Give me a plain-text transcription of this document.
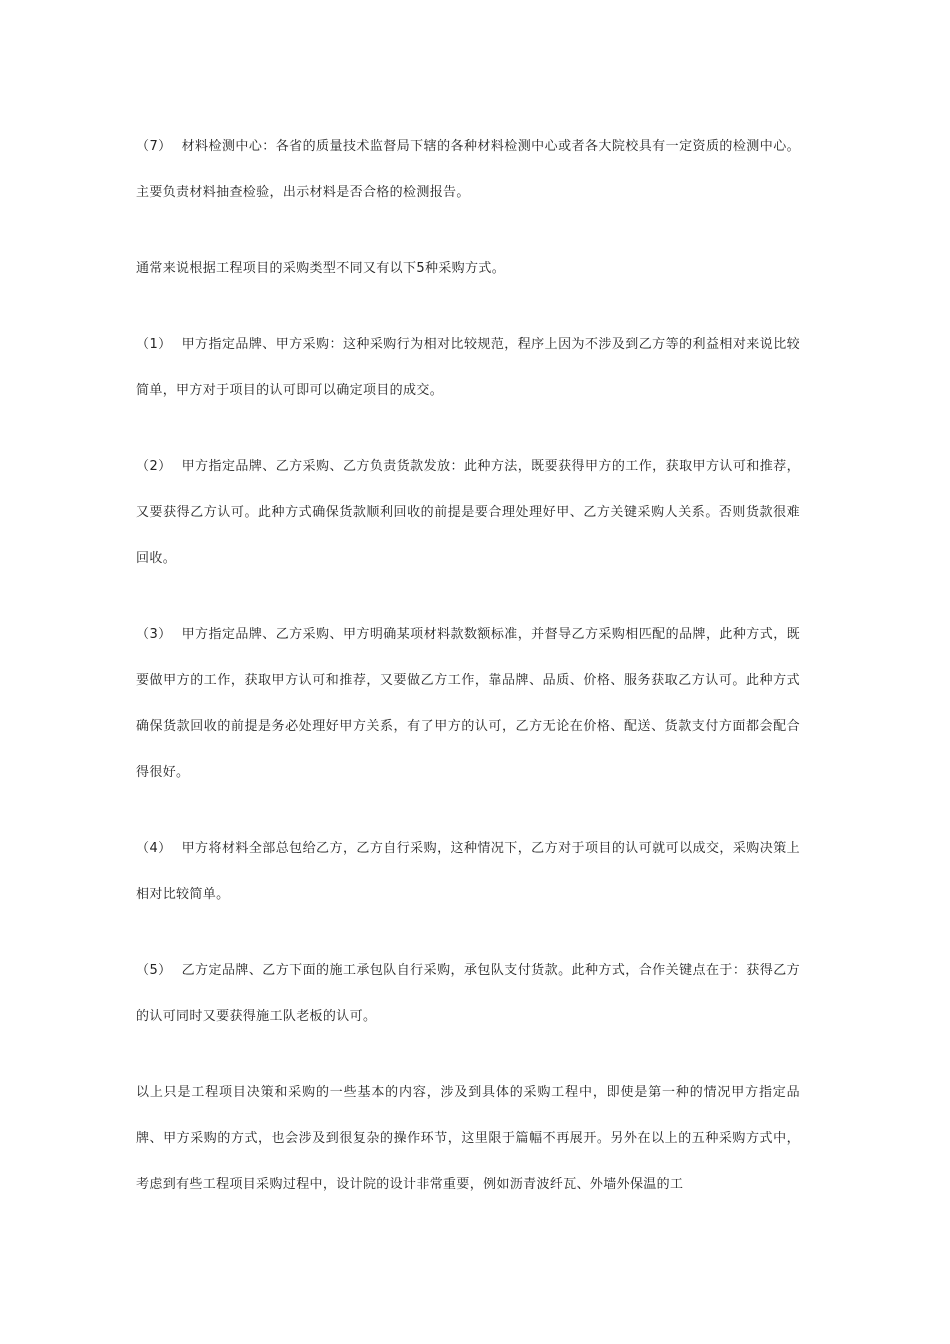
（7） 材料检测中心：各省的质量技术监督局下辖的各种材料检测中心或者各大院校具有一定资质的检测中心。主要负责材料抽查检验，出示材料是否合格的检测报告。

通常来说根据工程项目的采购类型不同又有以下5种采购方式。

（1） 甲方指定品牌、甲方采购：这种采购行为相对比较规范，程序上因为不涉及到乙方等的利益相对来说比较简单，甲方对于项目的认可即可以确定项目的成交。

（2） 甲方指定品牌、乙方采购、乙方负责货款发放：此种方法，既要获得甲方的工作，获取甲方认可和推荐，又要获得乙方认可。此种方式确保货款顺利回收的前提是要合理处理好甲、乙方关键采购人关系。否则货款很难回收。

（3） 甲方指定品牌、乙方采购、甲方明确某项材料款数额标准，并督导乙方采购相匹配的品牌，此种方式，既要做甲方的工作，获取甲方认可和推荐，又要做乙方工作，靠品牌、品质、价格、服务获取乙方认可。此种方式确保货款回收的前提是务必处理好甲方关系，有了甲方的认可，乙方无论在价格、配送、货款支付方面都会配合得很好。

（4） 甲方将材料全部总包给乙方，乙方自行采购，这种情况下，乙方对于项目的认可就可以成交，采购决策上相对比较简单。

（5） 乙方定品牌、乙方下面的施工承包队自行采购，承包队支付货款。此种方式，合作关键点在于：获得乙方的认可同时又要获得施工队老板的认可。

以上只是工程项目决策和采购的一些基本的内容，涉及到具体的采购工程中，即使是第一种的情况甲方指定品牌、甲方采购的方式，也会涉及到很复杂的操作环节，这里限于篇幅不再展开。另外在以上的五种采购方式中，考虑到有些工程项目采购过程中，设计院的设计非常重要，例如沥青波纤瓦、外墙外保温的工
